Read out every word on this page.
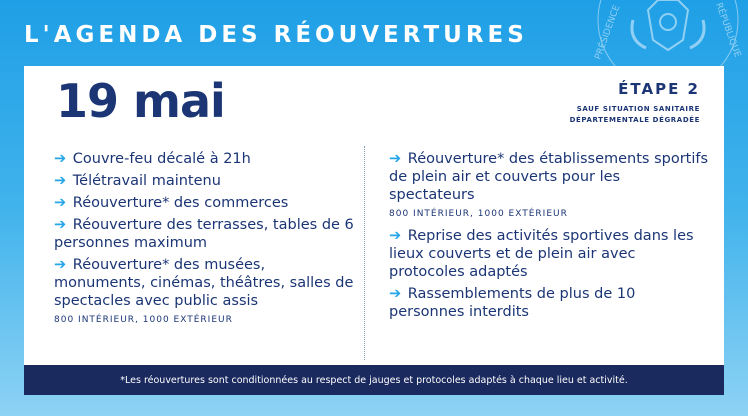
L'AGENDA DES RÉOUVERTURES	PRÉSIDENCE	RÉPUBLIQUE
19 mai	ÉTAPE 2
SAUF SITUATION SANITAIRE
DÉPARTEMENTALE DÉGRADÉE
➔ Couvre-feu décalé à 21h
➔ Télétravail maintenu
➔ Réouverture* des commerces
➔ Réouverture des terrasses, tables de 6 personnes maximum
➔ Réouverture* des musées, monuments, cinémas, théâtres, salles de spectacles avec public assis
800 INTÉRIEUR, 1000 EXTÉRIEUR
➔ Réouverture* des établissements sportifs de plein air et couverts pour les spectateurs
800 INTÉRIEUR, 1000 EXTÉRIEUR
➔ Reprise des activités sportives dans les lieux couverts et de plein air avec protocoles adaptés
➔ Rassemblements de plus de 10 personnes interdits
*Les réouvertures sont conditionnées au respect de jauges et protocoles adaptés à chaque lieu et activité.
